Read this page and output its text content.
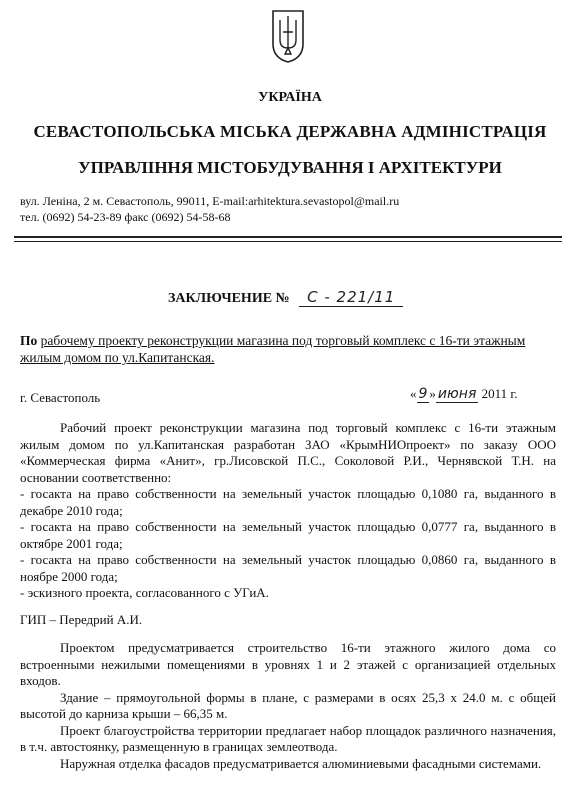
УКРАЇНА
СЕВАСТОПОЛЬСЬКА МІСЬКА ДЕРЖАВНА АДМІНІСТРАЦІЯ
УПРАВЛІННЯ МІСТОБУДУВАННЯ І АРХІТЕКТУРИ
вул. Леніна, 2 м. Севастополь, 99011, E-mail:arhitektura.sevastopol@mail.ru
тел. (0692) 54-23-89 факс (0692) 54-58-68
ЗАКЛЮЧЕНИЕ № С - 221/11
По рабочему проекту реконструкции магазина под торговый комплекс с 16-ти этажным жилым домом по ул.Капитанская.
г. Севастополь	« 9 » июня 2011 г.
Рабочий проект реконструкции магазина под торговый комплекс с 16-ти этажным жилым домом по ул.Капитанская разработан ЗАО «КрымНИОпроект» по заказу ООО «Коммерческая фирма «Анит», гр.Лисовской П.С., Соколовой Р.И., Чернявской Т.Н. на основании соответственно:
- госакта на право собственности на земельный участок площадью 0,1080 га, выданного в декабре 2010 года;
- госакта на право собственности на земельный участок площадью 0,0777 га, выданного в октябре 2001 года;
- госакта на право собственности на земельный участок площадью 0,0860 га, выданного в ноябре 2000 года;
- эскизного проекта, согласованного с УГиА.
ГИП – Передрий А.И.
Проектом предусматривается строительство 16-ти этажного жилого дома со встроенными нежилыми помещениями в уровнях 1 и 2 этажей с организацией отдельных входов.
Здание – прямоугольной формы в плане, с размерами в осях 25,3 х 24.0 м. с общей высотой до карниза крыши – 66,35 м.
Проект благоустройства территории предлагает набор площадок различного назначения, в т.ч. автостоянку, размещенную в границах землеотвода.
Наружная отделка фасадов предусматривается алюминиевыми фасадными системами.
